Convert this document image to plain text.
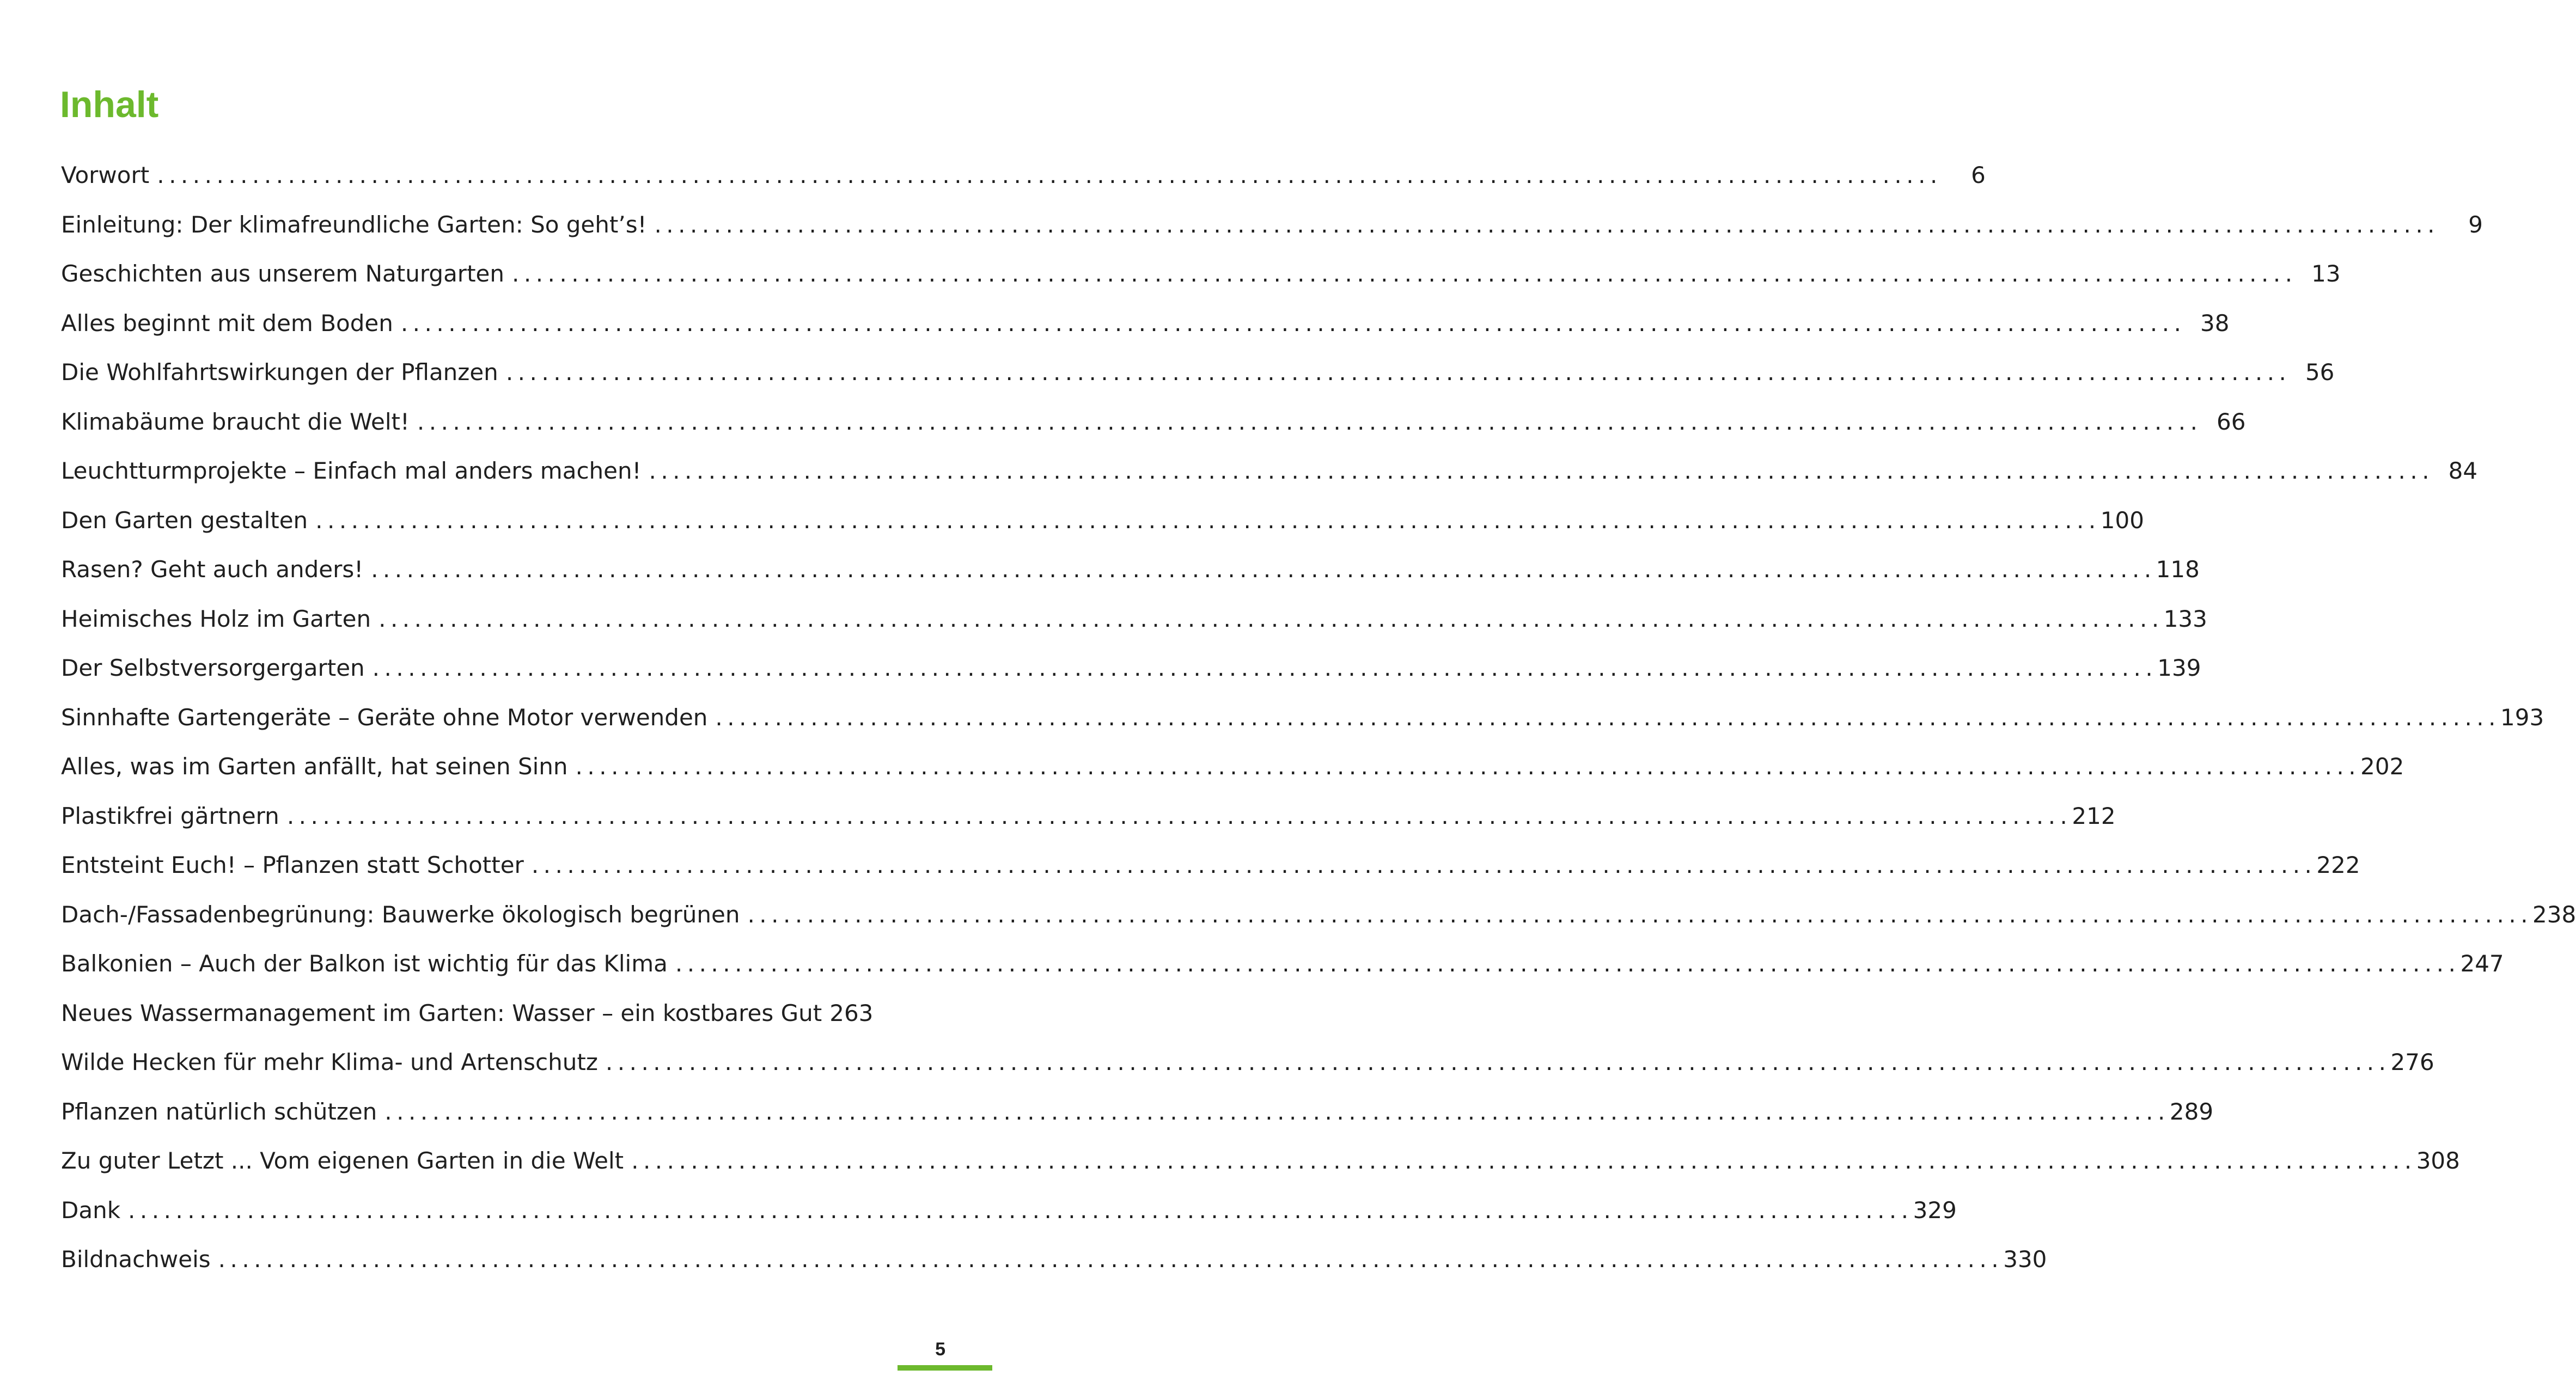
Inhalt
Vorwort ......................................................................................................................................................	6
Einleitung: Der klimafreundliche Garten: So geht’s! ......................................................................................................................................................	9
Geschichten aus unserem Naturgarten ...................................................................................................................................................... 13
Alles beginnt mit dem Boden ...................................................................................................................................................... 38
Die Wohlfahrtswirkungen der Pflanzen ...................................................................................................................................................... 56
Klimabäume braucht die Welt! ...................................................................................................................................................... 66
Leuchtturmprojekte – Einfach mal anders machen! ...................................................................................................................................................... 84
Den Garten gestalten ...................................................................................................................................................... 100
Rasen? Geht auch anders! ...................................................................................................................................................... 118
Heimisches Holz im Garten ...................................................................................................................................................... 133
Der Selbstversorgergarten ...................................................................................................................................................... 139
Sinnhafte Gartengeräte – Geräte ohne Motor verwenden ...................................................................................................................................................... 193
Alles, was im Garten anfällt, hat seinen Sinn ...................................................................................................................................................... 202
Plastikfrei gärtnern ...................................................................................................................................................... 212
Entsteint Euch! – Pflanzen statt Schotter ...................................................................................................................................................... 222
Dach-/Fassadenbegrünung: Bauwerke ökologisch begrünen ...................................................................................................................................................... 238
Balkonien – Auch der Balkon ist wichtig für das Klima ...................................................................................................................................................... 247
Neues Wassermanagement im Garten: Wasser – ein kostbares Gut 263
Wilde Hecken für mehr Klima- und Artenschutz ...................................................................................................................................................... 276
Pflanzen natürlich schützen ...................................................................................................................................................... 289
Zu guter Letzt ... Vom eigenen Garten in die Welt ...................................................................................................................................................... 308
Dank ...................................................................................................................................................... 329
Bildnachweis ...................................................................................................................................................... 330
5
